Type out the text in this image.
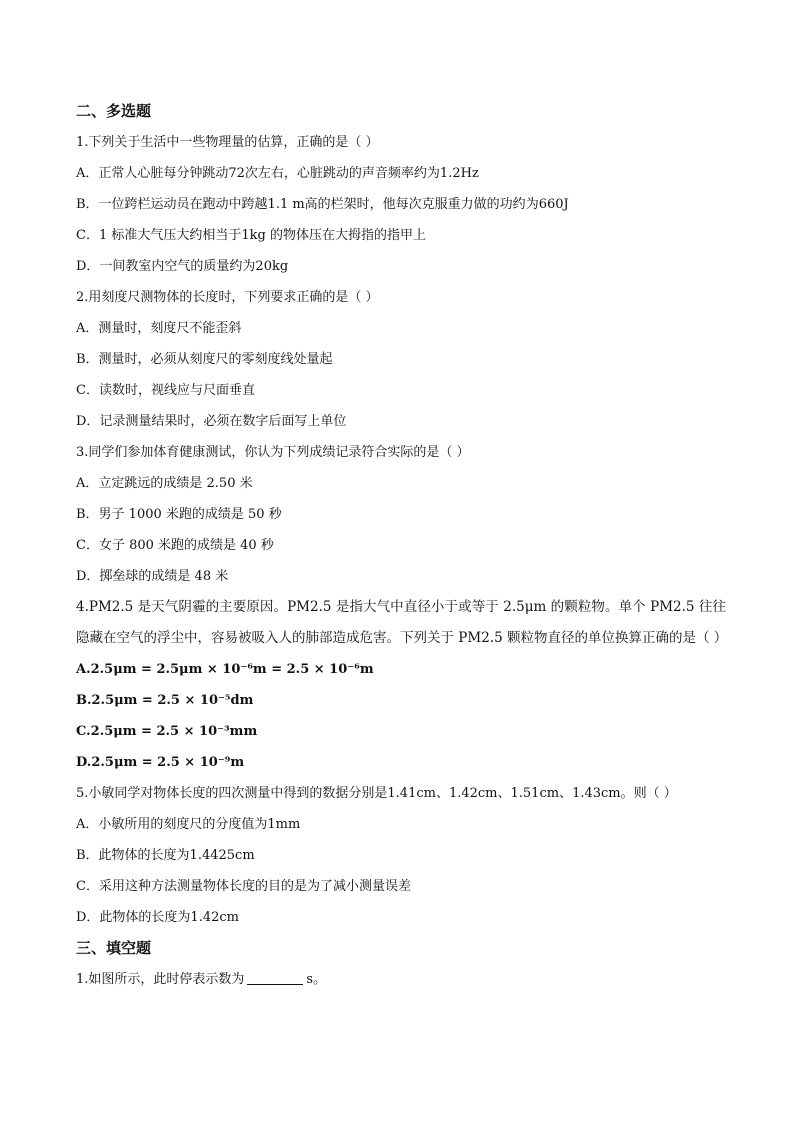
二、多选题
1.下列关于生活中一些物理量的估算，正确的是（ ）
A．正常人心脏每分钟跳动72次左右，心脏跳动的声音频率约为1.2Hz
B．一位跨栏运动员在跑动中跨越1.1 m高的栏架时，他每次克服重力做的功约为660J
C．1 标准大气压大约相当于1kg 的物体压在大拇指的指甲上
D．一间教室内空气的质量约为20kg
2.用刻度尺测物体的长度时，下列要求正确的是（ ）
A．测量时，刻度尺不能歪斜
B．测量时，必须从刻度尺的零刻度线处量起
C．读数时，视线应与尺面垂直
D．记录测量结果时，必须在数字后面写上单位
3.同学们参加体育健康测试，你认为下列成绩记录符合实际的是（ ）
A．立定跳远的成绩是 2.50 米
B．男子 1000 米跑的成绩是 50 秒
C．女子 800 米跑的成绩是 40 秒
D．掷垒球的成绩是 48 米
4.PM2.5 是天气阴霾的主要原因。PM2.5 是指大气中直径小于或等于 2.5μm 的颗粒物。单个 PM2.5 往往隐藏在空气的浮尘中，容易被吸入人的肺部造成危害。下列关于 PM2.5 颗粒物直径的单位换算正确的是（ ）
A.2.5μm = 2.5μm × 10⁻⁶m = 2.5 × 10⁻⁶m
B.2.5μm = 2.5 × 10⁻⁵dm
C.2.5μm = 2.5 × 10⁻³mm
D.2.5μm = 2.5 × 10⁻⁹m
5.小敏同学对物体长度的四次测量中得到的数据分别是1.41cm、1.42cm、1.51cm、1.43cm。则（ ）
A．小敏所用的刻度尺的分度值为1mm
B．此物体的长度为1.4425cm
C．采用这种方法测量物体长度的目的是为了减小测量误差
D．此物体的长度为1.42cm
三、填空题
1.如图所示，此时停表示数为	s。
